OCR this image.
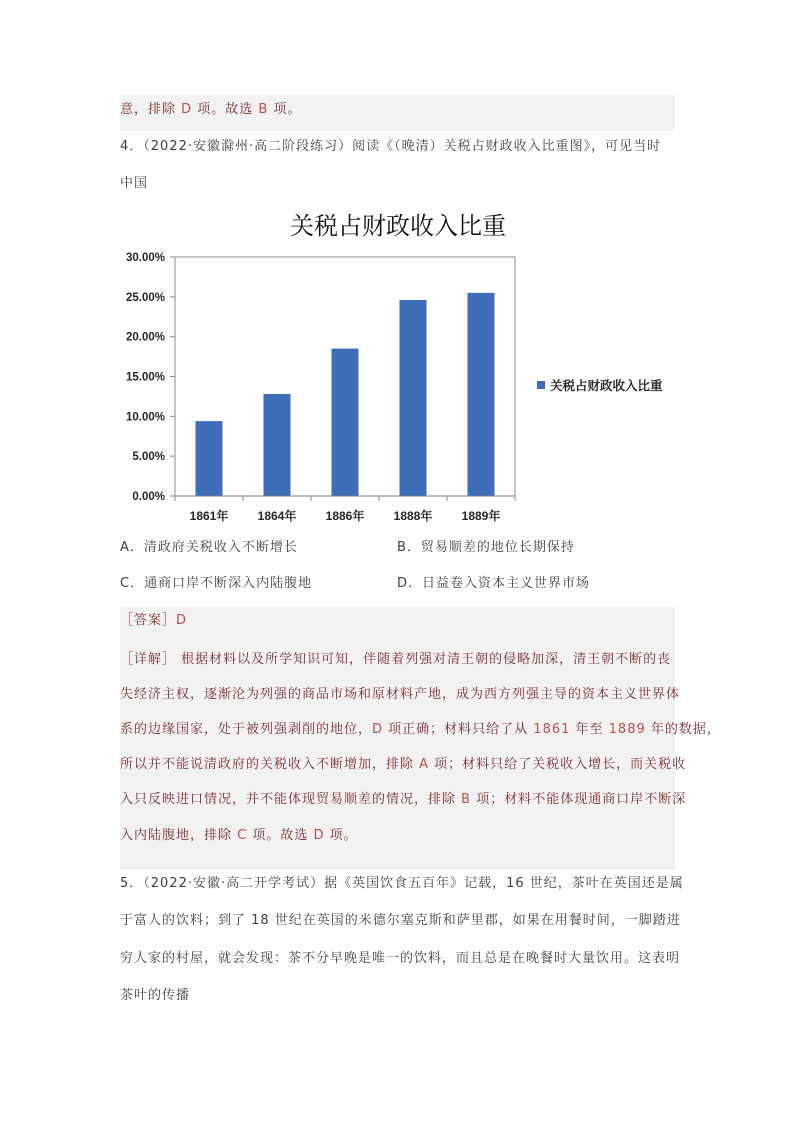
意，排除 D 项。故选 B 项。
4．（2022·安徽滁州·高二阶段练习）阅读《（晚清）关税占财政收入比重图》，可见当时
中国
关税占财政收入比重
0.00%
5.00%
10.00%
15.00%
20.00%
25.00%
30.00%
1861年 1864年 1886年 1888年 1889年
关税占财政收入比重
A．清政府关税收入不断增长	B．贸易顺差的地位长期保持
C．通商口岸不断深入内陆腹地	D．日益卷入资本主义世界市场
［答案］D
［详解］ 根据材料以及所学知识可知，伴随着列强对清王朝的侵略加深，清王朝不断的丧
失经济主权，逐渐沦为列强的商品市场和原材料产地，成为西方列强主导的资本主义世界体
系的边缘国家，处于被列强剥削的地位，D 项正确；材料只给了从 1861 年至 1889 年的数据，
所以并不能说清政府的关税收入不断增加，排除 A 项；材料只给了关税收入增长，而关税收
入只反映进口情况，并不能体现贸易顺差的情况，排除 B 项；材料不能体现通商口岸不断深
入内陆腹地，排除 C 项。故选 D 项。
5．（2022·安徽·高二开学考试）据《英国饮食五百年》记载，16 世纪，茶叶在英国还是属
于富人的饮料；到了 18 世纪在英国的米德尔塞克斯和萨里郡，如果在用餐时间，一脚踏进
穷人家的村屋，就会发现：茶不分早晚是唯一的饮料，而且总是在晚餐时大量饮用。这表明
茶叶的传播
